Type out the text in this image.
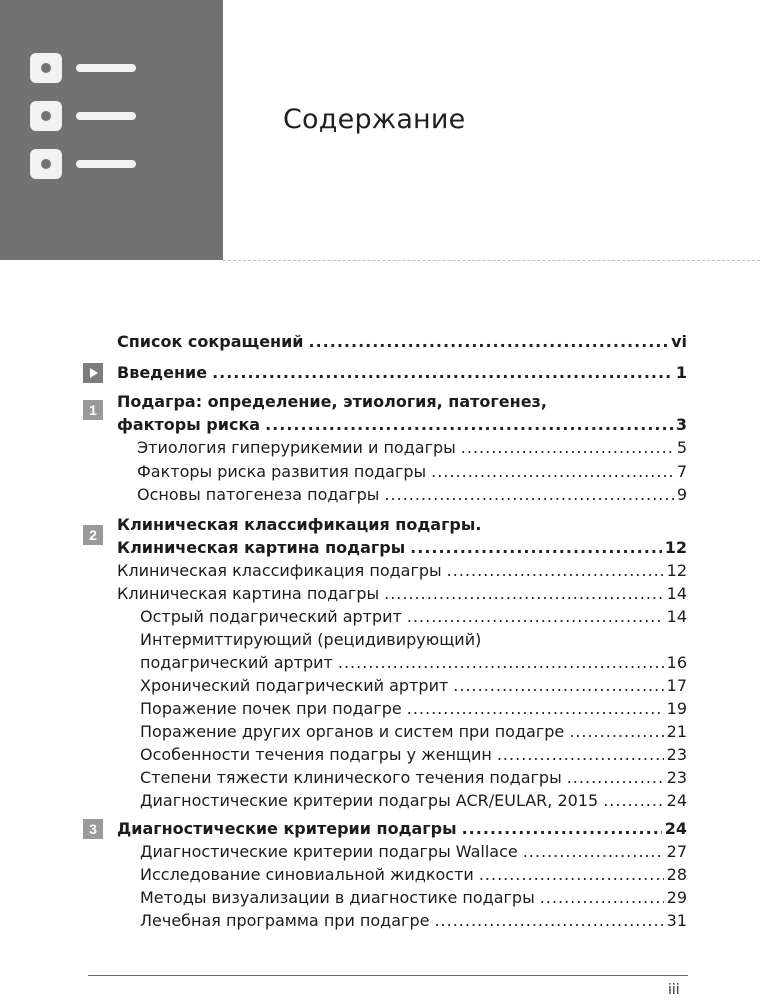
Содержание
Список сокращений .....	vi
Введение .....	1
1	Подагра: определение, этиология, патогенез,
факторы риска .....	3
Этиология гиперурикемии и подагры .....	5
Факторы риска развития подагры .....	7
Основы патогенеза подагры .....	9
2
Клиническая классификация подагры.
Клиническая картина подагры .....	12
Клиническая классификация подагры .....	12
Клиническая картина подагры .....	14
Острый подагрический артрит .....	14
Интермиттирующий (рецидивирующий)
подагрический артрит .....	16
Хронический подагрический артрит .....	17
Поражение почек при подагре .....	19
Поражение других органов и систем при подагре .....	21
Особенности течения подагры у женщин .....	23
Степени тяжести клинического течения подагры .....	23
Диагностические критерии подагры ACR/EULAR, 2015 .....	24
3	Диагностические критерии подагры .....	24
Диагностические критерии подагры Wallace .....	27
Исследование синовиальной жидкости .....	28
Методы визуализации в диагностике подагры .....	29
Лечебная программа при подагре .....	31
iii
